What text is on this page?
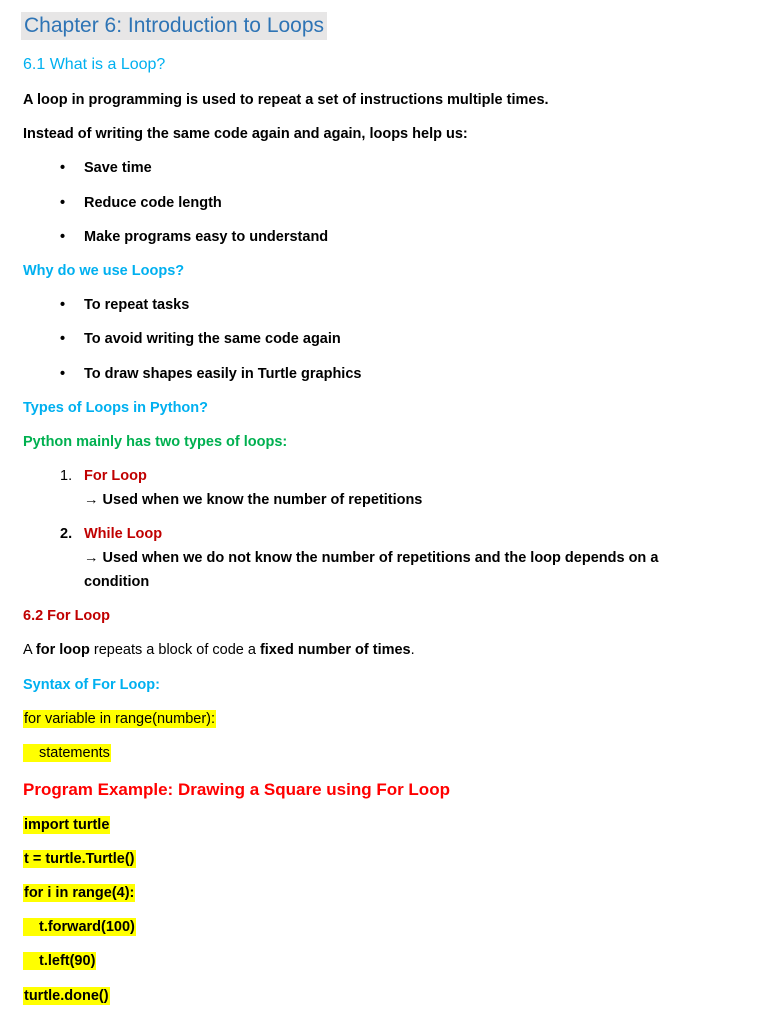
Chapter 6: Introduction to Loops
6.1 What is a Loop?
A loop in programming is used to repeat a set of instructions multiple times.
Instead of writing the same code again and again, loops help us:
• Save time
• Reduce code length
• Make programs easy to understand
Why do we use Loops?
• To repeat tasks
• To avoid writing the same code again
• To draw shapes easily in Turtle graphics
Types of Loops in Python?
Python mainly has two types of loops:
1. For Loop
→ Used when we know the number of repetitions
2. While Loop
→ Used when we do not know the number of repetitions and the loop depends on a
condition
6.2 For Loop
A for loop repeats a block of code a fixed number of times.
Syntax of For Loop:
for variable in range(number):
statements
Program Example: Drawing a Square using For Loop
import turtle
t = turtle.Turtle()
for i in range(4):
t.forward(100)
t.left(90)
turtle.done()
